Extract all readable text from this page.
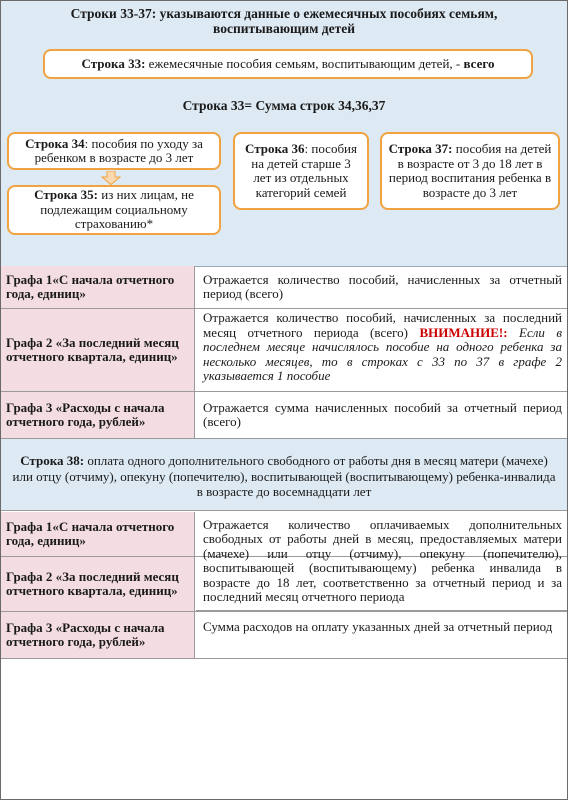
Строки 33-37: указываются данные о ежемесячных пособиях семьям,
воспитывающим детей
Строка 33: ежемесячные пособия семьям, воспитывающим детей, - всего
Строка 33= Сумма строк 34,36,37
Строка 34: пособия по уходу за ребенком в возрасте до 3 лет
Строка 35: из них лицам, не подлежащим социальному страхованию*
Строка 36: пособия на детей старше 3 лет из отдельных категорий семей
Строка 37: пособия на детей в возрасте от 3 до 18 лет в период воспитания ребенка в возрасте до 3 лет
Графа 1«С начала отчетного года, единиц»
Отражается количество пособий, начисленных за отчетный период (всего)
Графа 2 «За последний месяц отчетного квартала, единиц»
Отражается количество пособий, начисленных за последний месяц отчетного периода (всего) ВНИМАНИЕ!: Если в последнем месяце начислялось пособие на одного ребенка за несколько месяцев, то в строках с 33 по 37 в графе 2 указывается 1 пособие
Графа 3 «Расходы с начала отчетного года, рублей»
Отражается сумма начисленных пособий за отчетный период (всего)
Строка 38: оплата одного дополнительного свободного от работы дня в месяц матери (мачехе) или отцу (отчиму), опекуну (попечителю), воспитывающей (воспитывающему) ребенка-инвалида в возрасте до восемнадцати лет
Графа 1«С начала отчетного года, единиц»
Графа 2 «За последний месяц отчетного квартала, единиц»
Отражается количество оплачиваемых дополнительных свободных от работы дней в месяц, предоставляемых матери (мачехе) или отцу (отчиму), опекуну (попечителю), воспитывающей (воспитывающему) ребенка инвалида в возрасте до 18 лет, соответственно за отчетный период и за последний месяц отчетного периода
Графа 3 «Расходы с начала отчетного года, рублей»
Сумма расходов на оплату указанных дней за отчетный период
